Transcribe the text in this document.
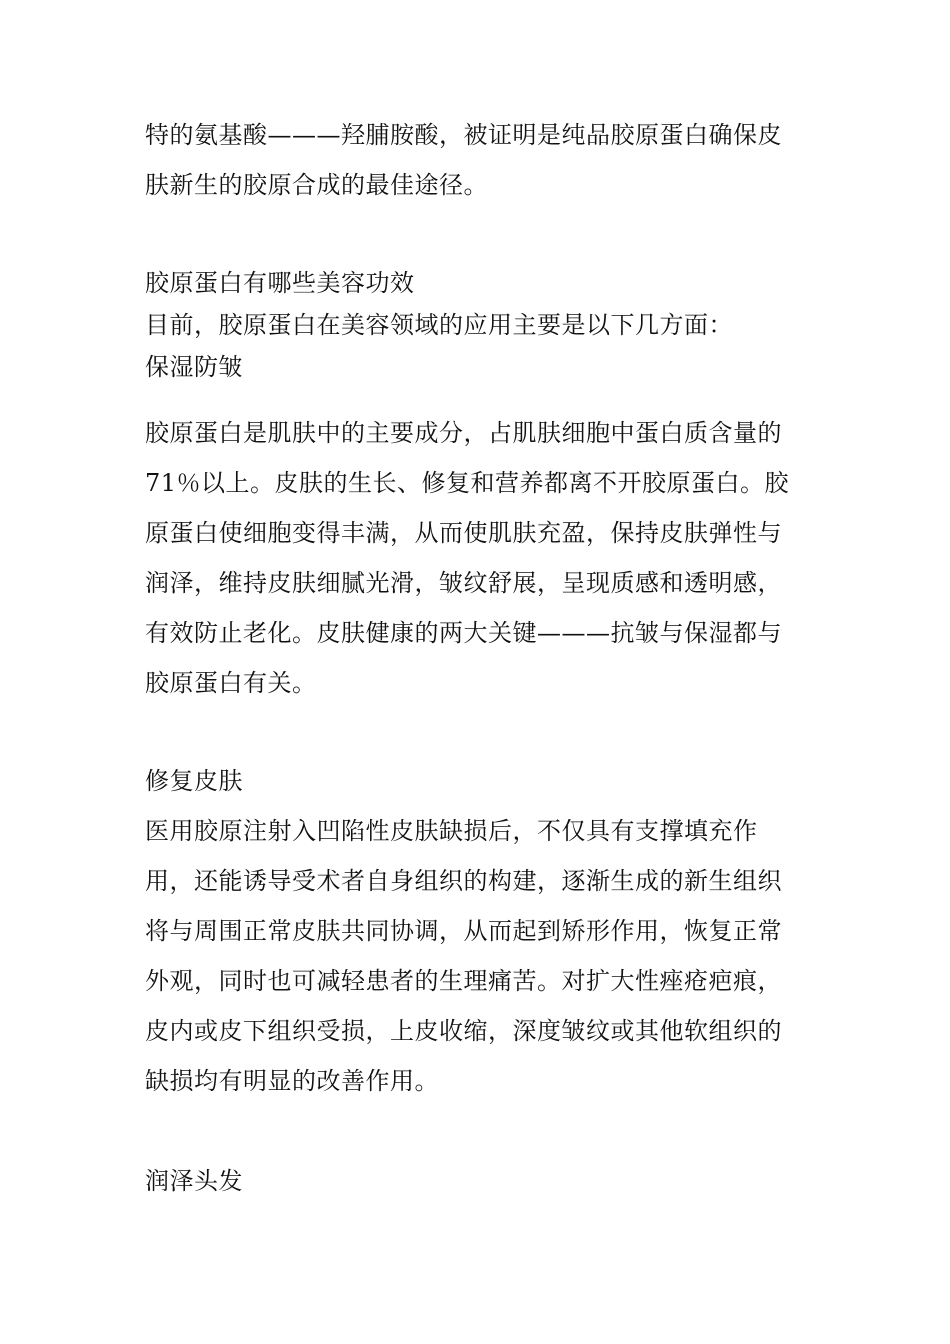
特的氨基酸———羟脯胺酸，被证明是纯品胶原蛋白确保皮
肤新生的胶原合成的最佳途径。
胶原蛋白有哪些美容功效
目前，胶原蛋白在美容领域的应用主要是以下几方面：
保湿防皱
胶原蛋白是肌肤中的主要成分，占肌肤细胞中蛋白质含量的
71％以上。皮肤的生长、修复和营养都离不开胶原蛋白。胶
原蛋白使细胞变得丰满，从而使肌肤充盈，保持皮肤弹性与
润泽，维持皮肤细腻光滑，皱纹舒展，呈现质感和透明感，
有效防止老化。皮肤健康的两大关键———抗皱与保湿都与
胶原蛋白有关。
修复皮肤
医用胶原注射入凹陷性皮肤缺损后，不仅具有支撑填充作
用，还能诱导受术者自身组织的构建，逐渐生成的新生组织
将与周围正常皮肤共同协调，从而起到矫形作用，恢复正常
外观，同时也可减轻患者的生理痛苦。对扩大性痤疮疤痕，
皮内或皮下组织受损，上皮收缩，深度皱纹或其他软组织的
缺损均有明显的改善作用。
润泽头发
